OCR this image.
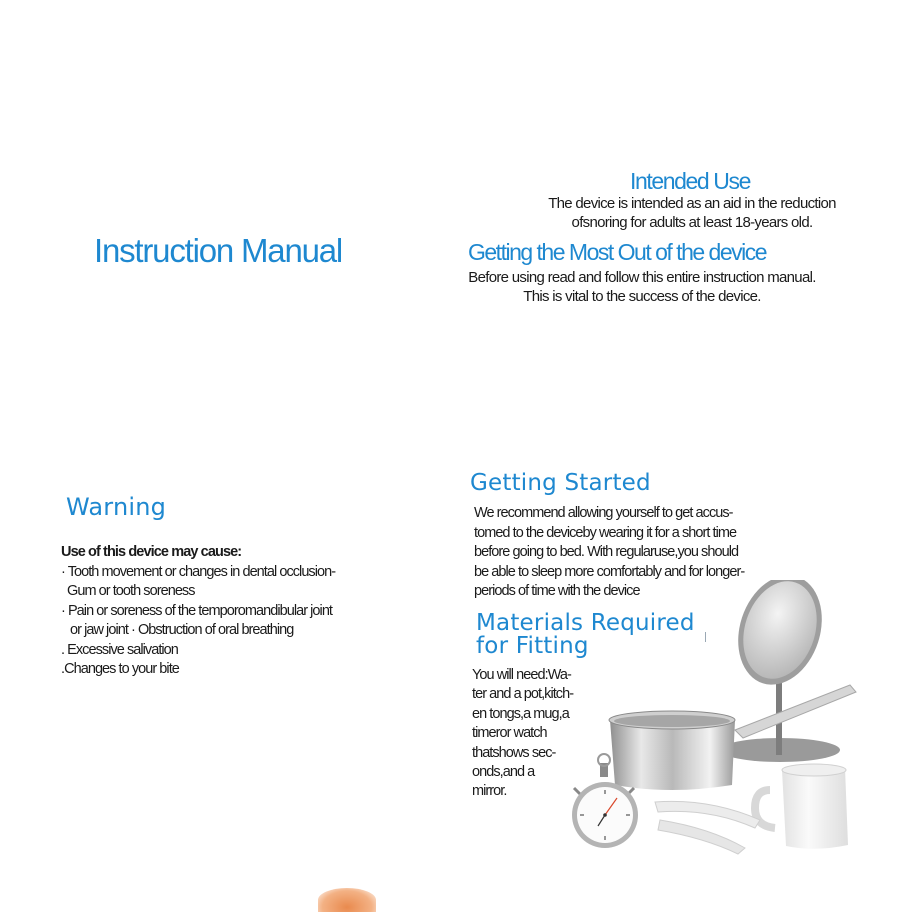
Instruction Manual
Intended Use
The device is intended as an aid in the reduction
ofsnoring for adults at least 18-years old.
Getting the Most Out of the device
Before using read and follow this entire instruction manual.
This is vital to the success of the device.
Warning
Use of this device may cause:
· Tooth movement or changes in dental occlusion-
Gum or tooth soreness
· Pain or soreness of the temporomandibular joint
or jaw joint · Obstruction of oral breathing
. Excessive salivation
.Changes to your bite
Getting Started
We recommend allowing yourself to get accus-
tomed to the deviceby wearing it for a short time
before going to bed. With regularuse,you should
be able to sleep more comfortably and for longer-
periods of time with the device
Materials Required
for Fitting
You will need:Wa-
ter and a pot,kitch-
en tongs,a mug,a
timeror watch
thatshows sec-
onds,and a
mirror.
